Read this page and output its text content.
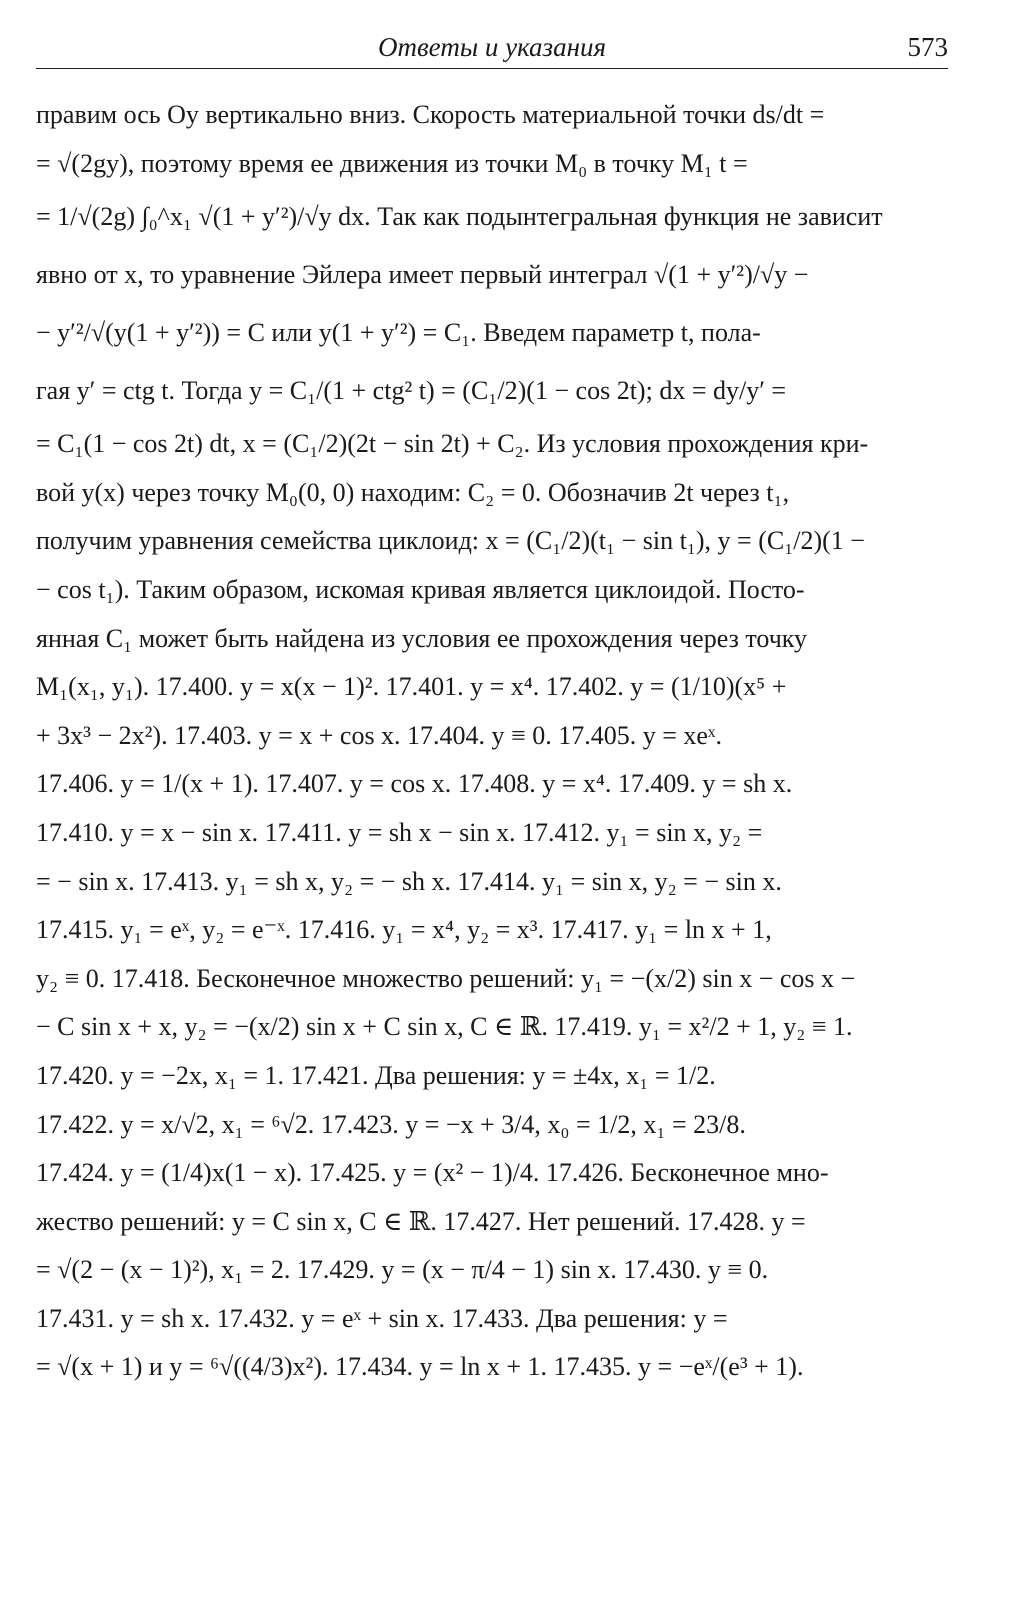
Ответы и указания	573
правим ось Oy вертикально вниз. Скорость материальной точки ds/dt =
= √(2gy), поэтому время ее движения из точки M₀ в точку M₁ t =
= 1/√(2g) ∫₀^x₁ √(1 + y′²)/√y dx. Так как подынтегральная функция не зависит
явно от x, то уравнение Эйлера имеет первый интеграл √(1 + y′²)/√y −
− y′²/√(y(1 + y′²)) = C или y(1 + y′²) = C₁. Введем параметр t, пола-
гая y′ = ctg t. Тогда y = C₁/(1 + ctg² t) = (C₁/2)(1 − cos 2t); dx = dy/y′ =
= C₁(1 − cos 2t) dt, x = (C₁/2)(2t − sin 2t) + C₂. Из условия прохождения кри-
вой y(x) через точку M₀(0, 0) находим: C₂ = 0. Обозначив 2t через t₁,
получим уравнения семейства циклоид: x = (C₁/2)(t₁ − sin t₁), y = (C₁/2)(1 −
− cos t₁). Таким образом, искомая кривая является циклоидой. Посто-
янная C₁ может быть найдена из условия ее прохождения через точку
M₁(x₁, y₁). 17.400. y = x(x − 1)². 17.401. y = x⁴. 17.402. y = (1/10)(x⁵ +
+ 3x³ − 2x²). 17.403. y = x + cos x. 17.404. y ≡ 0. 17.405. y = xeˣ.
17.406. y = 1/(x + 1). 17.407. y = cos x. 17.408. y = x⁴. 17.409. y = sh x.
17.410. y = x − sin x. 17.411. y = sh x − sin x. 17.412. y₁ = sin x, y₂ =
= − sin x. 17.413. y₁ = sh x, y₂ = − sh x. 17.414. y₁ = sin x, y₂ = − sin x.
17.415. y₁ = eˣ, y₂ = e⁻ˣ. 17.416. y₁ = x⁴, y₂ = x³. 17.417. y₁ = ln x + 1,
y₂ ≡ 0. 17.418. Бесконечное множество решений: y₁ = −(x/2) sin x − cos x −
− C sin x + x, y₂ = −(x/2) sin x + C sin x, C ∈ ℝ. 17.419. y₁ = x²/2 + 1, y₂ ≡ 1.
17.420. y = −2x, x₁ = 1. 17.421. Два решения: y = ±4x, x₁ = 1/2.
17.422. y = x/√2, x₁ = ⁶√2. 17.423. y = −x + 3/4, x₀ = 1/2, x₁ = 23/8.
17.424. y = (1/4)x(1 − x). 17.425. y = (x² − 1)/4. 17.426. Бесконечное мно-
жество решений: y = C sin x, C ∈ ℝ. 17.427. Нет решений. 17.428. y =
= √(2 − (x − 1)²), x₁ = 2. 17.429. y = (x − π/4 − 1) sin x. 17.430. y ≡ 0.
17.431. y = sh x. 17.432. y = eˣ + sin x. 17.433. Два решения: y =
= √(x + 1) и y = ⁶√((4/3)x²). 17.434. y = ln x + 1. 17.435. y = −eˣ/(e³ + 1).
